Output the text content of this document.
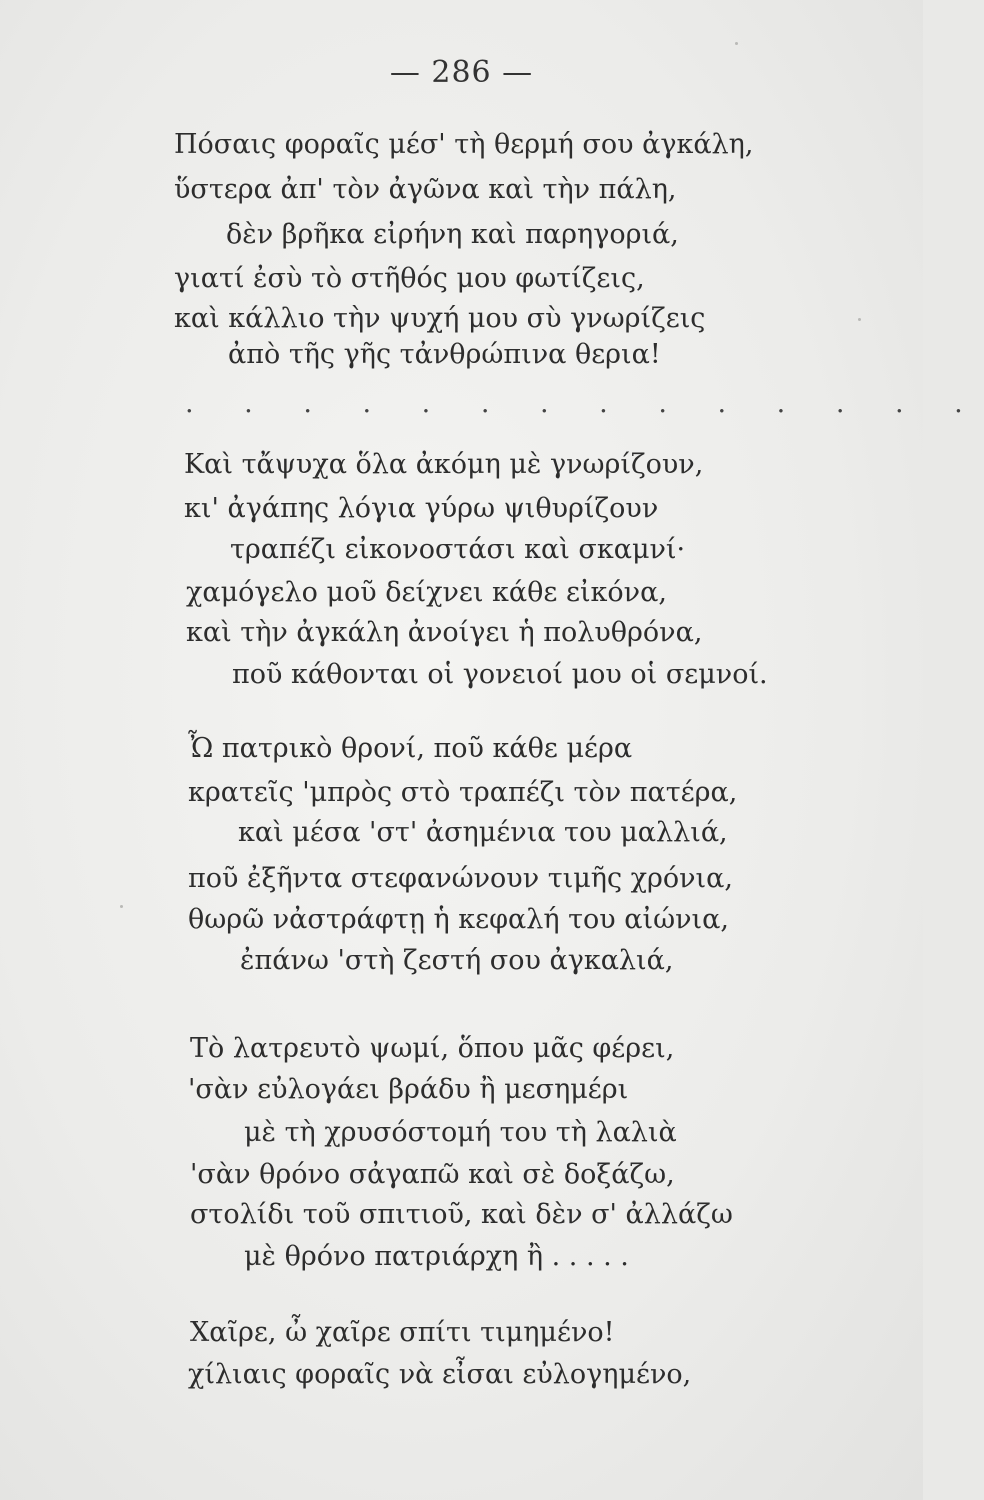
— 286 —
Πόσαις φοραῖς μέσ' τὴ θερμή σου ἀγκάλη,
ὕστερα ἀπ' τὸν ἀγῶνα καὶ τὴν πάλη,
δὲν βρῆκα εἰρήνη καὶ παρηγοριά,
γιατί ἐσὺ τὸ στῆθός μου φωτίζεις,
καὶ κάλλιο τὴν ψυχή μου σὺ γνωρίζεις
ἀπὸ τῆς γῆς τἀνθρώπινα θερια!
. . . . . . . . . . . . . .
Καὶ τἄψυχα ὅλα ἀκόμη μὲ γνωρίζουν,
κι' ἀγάπης λόγια γύρω ψιθυρίζουν
τραπέζι εἰκονοστάσι καὶ σκαμνί·
χαμόγελο μοῦ δείχνει κάθε εἰκόνα,
καὶ τὴν ἀγκάλη ἀνοίγει ἡ πολυθρόνα,
ποῦ κάθονται οἱ γονειοί μου οἱ σεμνοί.
Ὦ πατρικὸ θρονί, ποῦ κάθε μέρα
κρατεῖς 'μπρὸς στὸ τραπέζι τὸν πατέρα,
καὶ μέσα 'στ' ἀσημένια του μαλλιά,
ποῦ ἐξῆντα στεφανώνουν τιμῆς χρόνια,
θωρῶ νἀστράφτῃ ἡ κεφαλή του αἰώνια,
ἐπάνω 'στὴ ζεστή σου ἀγκαλιά,
Τὸ λατρευτὸ ψωμί, ὅπου μᾶς φέρει,
'σὰν εὐλογάει βράδυ ἢ μεσημέρι
μὲ τὴ χρυσόστομή του τὴ λαλιὰ
'σὰν θρόνο σἀγαπῶ καὶ σὲ δοξάζω,
στολίδι τοῦ σπιτιοῦ, καὶ δὲν σ' ἀλλάζω
μὲ θρόνο πατριάρχη ἢ . . . . .
Χαῖρε, ὦ χαῖρε σπίτι τιμημένο!
χίλιαις φοραῖς νὰ εἶσαι εὐλογημένο,
